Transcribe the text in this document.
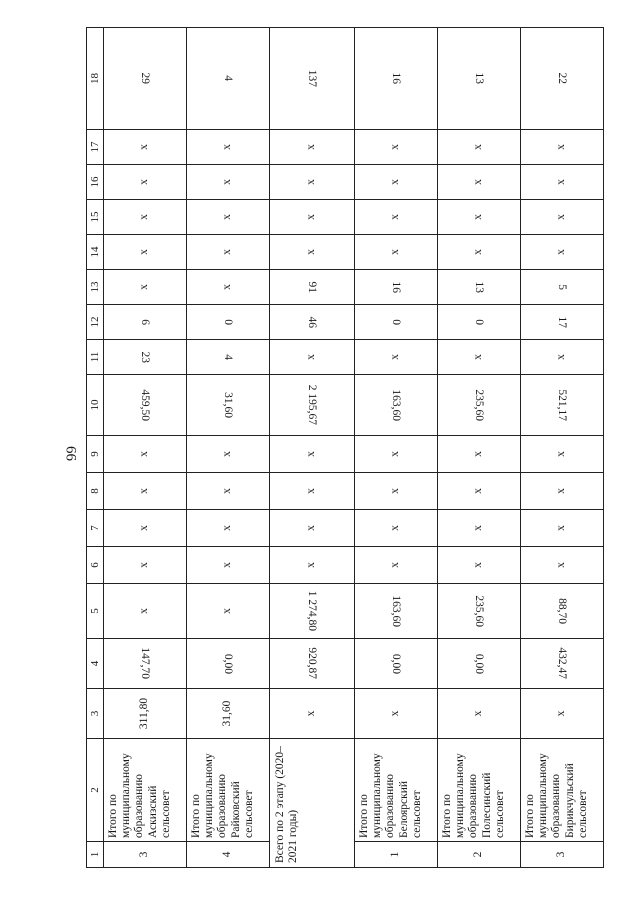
66
1	2	3	4	5	6	7	8	9	10	11	12	13	14	15	16	17	18
3	Итого по муниципальному образованию Аскизский сельсовет	311,80	147,70	x	x	x	x	x	459,50	23	6	x	x	x	x	x	29
4	Итого по муниципальному образованию Райковский сельсовет	31,60	0,00	x	x	x	x	x	31,60	4	0	x	x	x	x	x	4
Всего по 2 этапу (2020–2021 годы)		x	920,87	1 274,80	x	x	x	x	2 195,67	x	46	91	x	x	x	x	137
1	Итого по муниципальному образованию Белоярский сельсовет	x	0,00	163,60	x	x	x	x	163,60	x	0	16	x	x	x	x	16
2	Итого по муниципальному образованию Полесинский сельсовет	x	0,00	235,60	x	x	x	x	235,60	x	0	13	x	x	x	x	13
3	Итого по муниципальному образованию Бирикчульский сельсовет	x	432,47	88,70	x	x	x	x	521,17	x	17	5	x	x	x	x	22
